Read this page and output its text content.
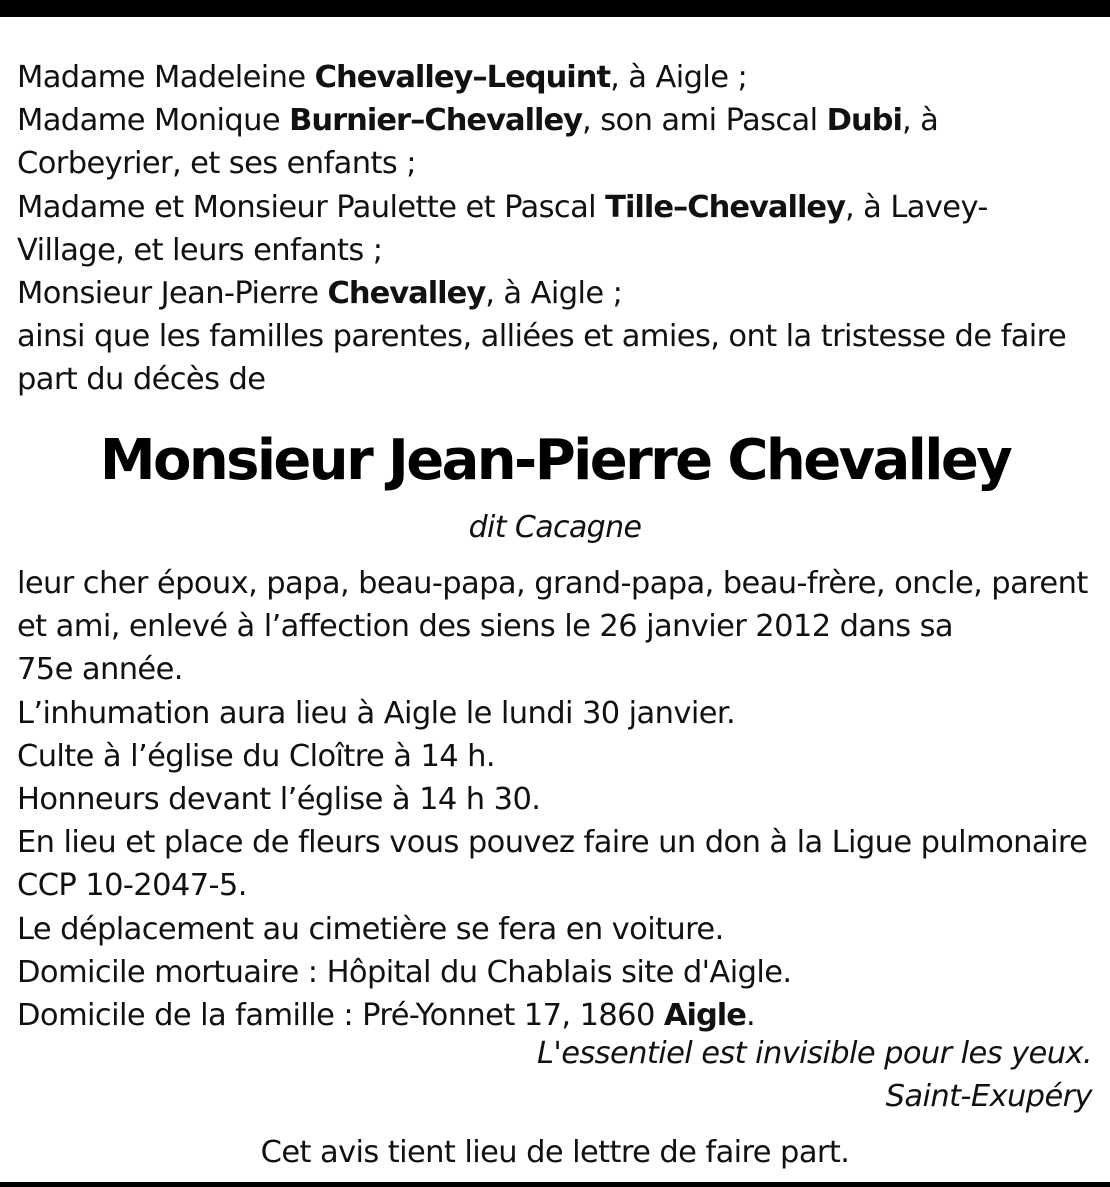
Madame Madeleine Chevalley–Lequint, à Aigle ;
Madame Monique Burnier–Chevalley, son ami Pascal Dubi, à
Corbeyrier, et ses enfants ;
Madame et Monsieur Paulette et Pascal Tille–Chevalley, à Lavey-
Village, et leurs enfants ;
Monsieur Jean-Pierre Chevalley, à Aigle ;
ainsi que les familles parentes, alliées et amies, ont la tristesse de faire
part du décès de
Monsieur Jean-Pierre Chevalley
dit Cacagne
leur cher époux, papa, beau-papa, grand-papa, beau-frère, oncle, parent
et ami, enlevé à l’affection des siens le 26 janvier 2012 dans sa
75e année.
L’inhumation aura lieu à Aigle le lundi 30 janvier.
Culte à l’église du Cloître à 14 h.
Honneurs devant l’église à 14 h 30.
En lieu et place de fleurs vous pouvez faire un don à la Ligue pulmonaire
CCP 10-2047-5.
Le déplacement au cimetière se fera en voiture.
Domicile mortuaire : Hôpital du Chablais site d'Aigle.
Domicile de la famille : Pré-Yonnet 17, 1860 Aigle.
L'essentiel est invisible pour les yeux.
Saint-Exupéry
Cet avis tient lieu de lettre de faire part.
